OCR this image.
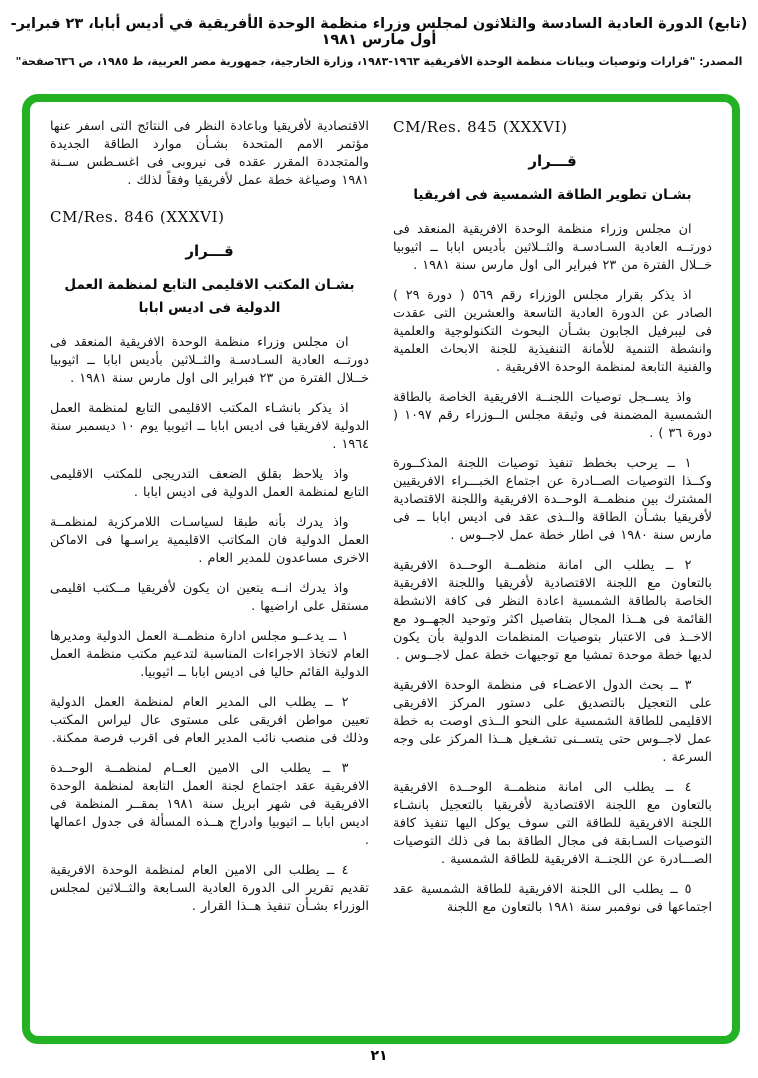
(تابع) الدورة العادية السادسة والثلاثون لمجلس وزراء منظمة الوحدة الأفريقية في أديس أبابا، ٢٣ فبراير- أول مارس ١٩٨١
المصدر: "قرارات وتوصيات وبيانات منظمة الوحدة الأفريقية ١٩٦٣-١٩٨٣، وزارة الخارجية، جمهورية مصر العربية، ط ١٩٨٥، ص ٦٣٦صفحة"
CM/Res. 845 (XXXVI)
قـــرار
بشـان تطوير الطاقة الشمسية فى افريقيا

ان مجلس وزراء منظمة الوحدة الافريقية المنعقد فى دورتــه العادية السـادسـة والثــلاثين بأديس ابابا ــ اثيوبيا خــلال الفترة من ٢٣ فبراير الى اول مارس سنة ١٩٨١ .

اذ يذكر بقرار مجلس الوزراء رقم ٥٦٩ ( دورة ٢٩ ) الصادر عن الدورة العادية التاسعة والعشرين التى عقدت فى ليبرفيل الجابون بشـأن البحوث التكنولوجية والعلمية وانشطة التنمية للأمانة التنفيذية للجنة الابحاث العلمية والفنية التابعة لمنظمة الوحدة الافريقية .

واذ يســجل توصيات اللجنــة الافريقية الخاصة بالطاقة الشمسية المضمنة فى وثيقة مجلس الــوزراء رقم ١٠٩٧ ( دورة ٣٦ ) .

١ ــ يرحب بخطط تنفيذ توصيات اللجنة المذكــورة وكــذا التوصيات الصــادرة عن اجتماع الخبـــراء الافريقيين المشترك بين منظمــة الوحــدة الافريقية واللجنة الاقتصادية لأفريقيا بشـأن الطاقة والــذى عقد فى اديس ابابا ــ فى مارس سنة ١٩٨٠ فى اطار خطة عمل لاجــوس .

٢ ــ يطلب الى امانة منظمــة الوحــدة الافريقية بالتعاون مع اللجنة الاقتصادية لأفريقيا واللجنة الافريقية الخاصة بالطاقة الشمسية اعادة النظر فى كافة الانشطة القائمة فى هــذا المجال بتفاصيل اكثر وتوحيد الجهــود مع الاخــذ فى الاعتبار بتوصيات المنظمات الدولية بأن يكون لديها خطة موحدة تمشيا مع توجيهات خطة عمل لاجــوس .

٣ ــ بحث الدول الاعضـاء فى منظمة الوحدة الافريقية على التعجيل بالتصديق على دستور المركز الافريقى الاقليمى للطاقة الشمسية على النحو الــذى اوصت به خطة عمل لاجــوس حتى يتســنى تشـغيل هــذا المركز على وجه السرعة .

٤ ــ يطلب الى امانة منظمــة الوحــدة الافريقية بالتعاون مع اللجنة الاقتصادية لأفريقيا بالتعجيل بانشـاء اللجنة الافريقية للطاقة التى سوف يوكل اليها تنفيذ كافة التوصيات السـابقة فى مجال الطاقة بما فى ذلك التوصيات الصـــادرة عن اللجنــة الافريقية للطاقة الشمسية .

٥ ــ يطلب الى اللجنة الافريقية للطاقة الشمسية عقد اجتماعها فى نوفمبر سنة ١٩٨١ بالتعاون مع اللجنة

الاقتصادية لأفريقيا وباعادة النظر فى النتائج التى اسفر عنها مؤتمر الامم المتحدة بشـأن موارد الطاقة الجديدة والمتجددة المقرر عقده فى نيروبى فى اغسـطس ســنة ١٩٨١ وصياغة خطة عمل لأفريقيا وفقاً لذلك .

CM/Res. 846 (XXXVI)
قـــرار
بشـان المكتب الاقليمى التابع لمنظمة العمل
الدولية فى اديس ابابا

ان مجلس وزراء منظمة الوحدة الافريقية المنعقد فى دورتــه العادية السـادسـة والثــلاثين بأديس ابابا ــ اثيوبيا خــلال الفترة من ٢٣ فبراير الى اول مارس سنة ١٩٨١ .

اذ يذكر بانشـاء المكتب الاقليمى التابع لمنظمة العمل الدولية لافريقيا فى اديس ابابا ــ اثيوبيا يوم ١٠ ديسمبر سنة ١٩٦٤ .

واذ يلاحظ بقلق الضعف التدريجى للمكتب الاقليمى التابع لمنظمة العمل الدولية فى اديس ابابا .

واذ يدرك بأنه طبقا لسياسـات اللامركزية لمنظمــة العمل الدولية فان المكاتب الاقليمية يراسـها فى الاماكن الاخرى مساعدون للمدير العام .

واذ يدرك انــه يتعين ان يكون لأفريقيا مــكتب اقليمى مستقل على اراضيها .

١ ــ يدعــو مجلس ادارة منظمــة العمل الدولية ومديرها العام لاتخاذ الاجراءات المناسبة لتدعيم مكتب منظمة العمل الدولية القائم حاليا فى اديس ابابا ــ اثيوبيا.

٢ ــ يطلب الى المدير العام لمنظمة العمل الدولية تعيين مواطن افريقى على مستوى عال ليراس المكتب وذلك فى منصب نائب المدير العام فى اقرب فرصة ممكنة.

٣ ــ يطلب الى الامين العــام لمنظمــة الوحــدة الافريقية عقد اجتماع لجنة العمل التابعة لمنظمة الوحدة الافريقية فى شهر ابريل سنة ١٩٨١ بمقــر المنظمة فى اديس ابابا ــ اثيوبيا وادراج هــذه المسألة فى جدول اعمالها .

٤ ــ يطلب الى الامين العام لمنظمة الوحدة الافريقية تقديم تقرير الى الدورة العادية السـابعة والثــلاثين لمجلس الوزراء بشـأن تنفيذ هــذا القرار .

٢١
